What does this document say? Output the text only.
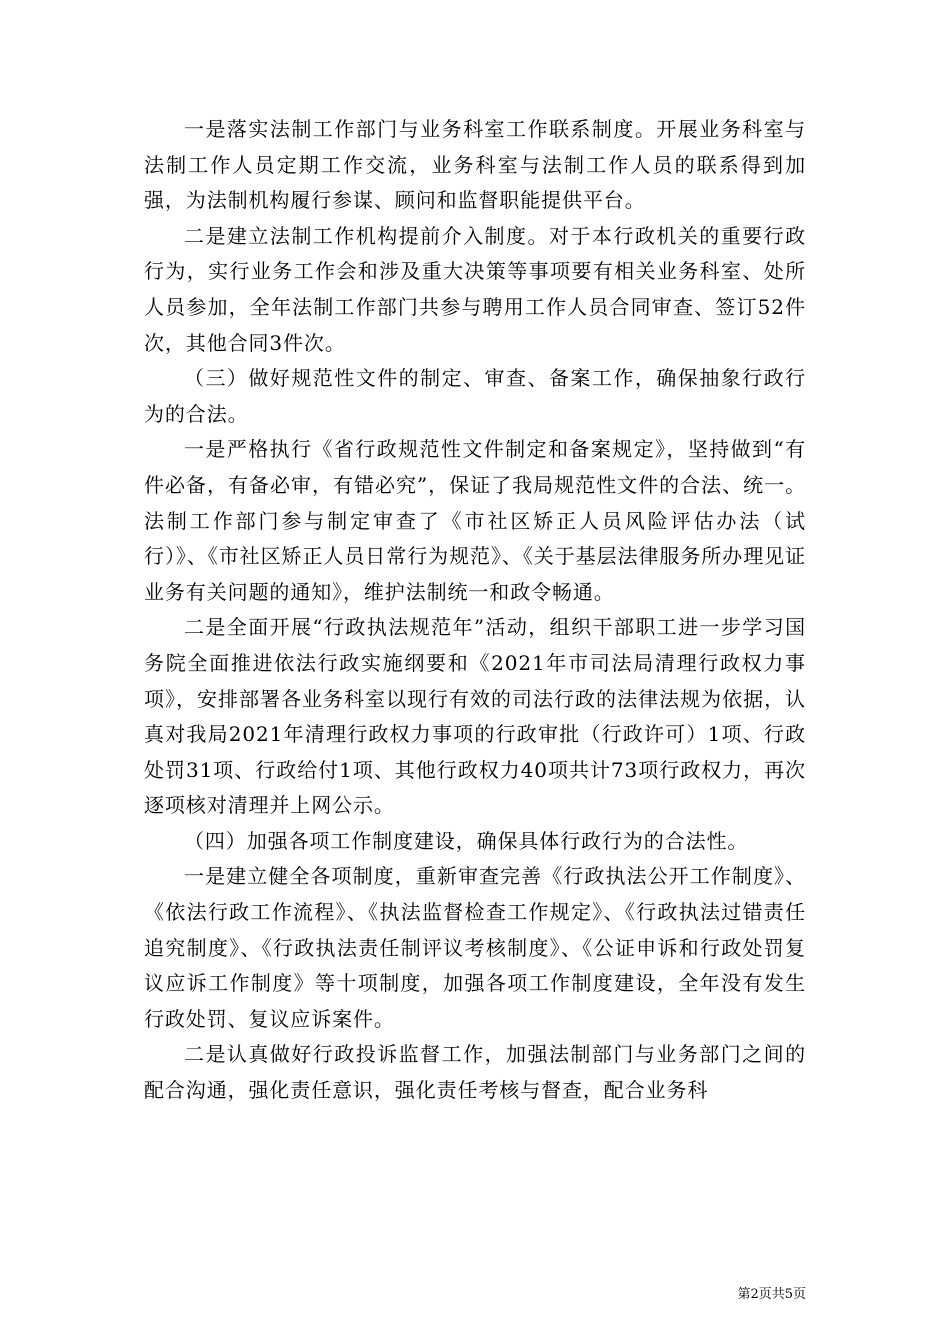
一是落实法制工作部门与业务科室工作联系制度。开展业务科室与法制工作人员定期工作交流，业务科室与法制工作人员的联系得到加强，为法制机构履行参谋、顾问和监督职能提供平台。

二是建立法制工作机构提前介入制度。对于本行政机关的重要行政行为，实行业务工作会和涉及重大决策等事项要有相关业务科室、处所人员参加，全年法制工作部门共参与聘用工作人员合同审查、签订52件次，其他合同3件次。

（三）做好规范性文件的制定、审查、备案工作，确保抽象行政行为的合法。

一是严格执行《省行政规范性文件制定和备案规定》，坚持做到“有件必备，有备必审，有错必究”，保证了我局规范性文件的合法、统一。法制工作部门参与制定审查了《市社区矫正人员风险评估办法（试行）》、《市社区矫正人员日常行为规范》、《关于基层法律服务所办理见证业务有关问题的通知》，维护法制统一和政令畅通。

二是全面开展“行政执法规范年”活动，组织干部职工进一步学习国务院全面推进依法行政实施纲要和《2021年市司法局清理行政权力事项》，安排部署各业务科室以现行有效的司法行政的法律法规为依据，认真对我局2021年清理行政权力事项的行政审批（行政许可）1项、行政处罚31项、行政给付1项、其他行政权力40项共计73项行政权力，再次逐项核对清理并上网公示。

（四）加强各项工作制度建设，确保具体行政行为的合法性。

一是建立健全各项制度，重新审查完善《行政执法公开工作制度》、《依法行政工作流程》、《执法监督检查工作规定》、《行政执法过错责任追究制度》、《行政执法责任制评议考核制度》、《公证申诉和行政处罚复议应诉工作制度》等十项制度，加强各项工作制度建设，全年没有发生行政处罚、复议应诉案件。

二是认真做好行政投诉监督工作，加强法制部门与业务部门之间的配合沟通，强化责任意识，强化责任考核与督查，配合业务科

第2页共5页
